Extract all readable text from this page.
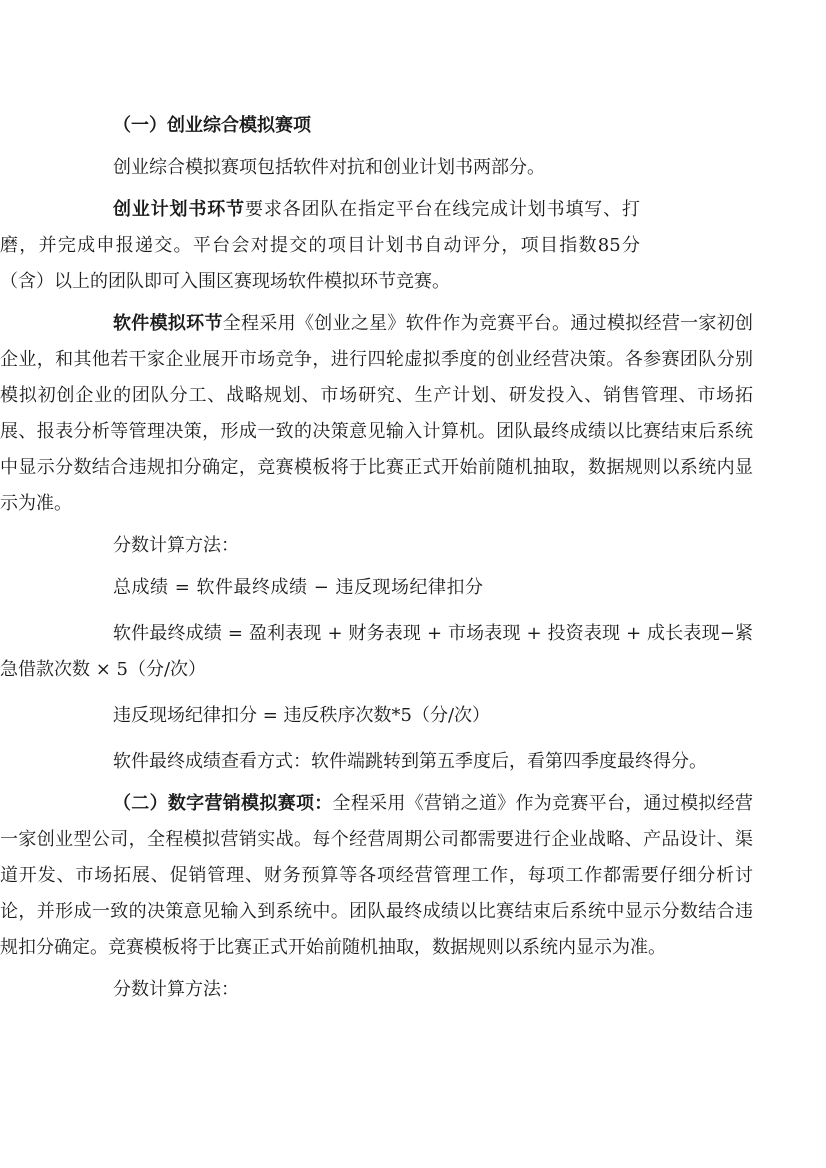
（一）创业综合模拟赛项

创业综合模拟赛项包括软件对抗和创业计划书两部分。

创业计划书环节要求各团队在指定平台在线完成计划书填写、打磨，并完成申报递交。平台会对提交的项目计划书自动评分，项目指数85分（含）以上的团队即可入围区赛现场软件模拟环节竞赛。

软件模拟环节全程采用《创业之星》软件作为竞赛平台。通过模拟经营一家初创企业，和其他若干家企业展开市场竞争，进行四轮虚拟季度的创业经营决策。各参赛团队分别模拟初创企业的团队分工、战略规划、市场研究、生产计划、研发投入、销售管理、市场拓展、报表分析等管理决策，形成一致的决策意见输入计算机。团队最终成绩以比赛结束后系统中显示分数结合违规扣分确定，竞赛模板将于比赛正式开始前随机抽取，数据规则以系统内显示为准。

分数计算方法：

总成绩 = 软件最终成绩 − 违反现场纪律扣分

软件最终成绩 = 盈利表现 + 财务表现 + 市场表现 + 投资表现 + 成长表现−紧急借款次数 × 5（分/次）

违反现场纪律扣分 = 违反秩序次数*5（分/次）

软件最终成绩查看方式：软件端跳转到第五季度后，看第四季度最终得分。

（二）数字营销模拟赛项：全程采用《营销之道》作为竞赛平台，通过模拟经营一家创业型公司，全程模拟营销实战。每个经营周期公司都需要进行企业战略、产品设计、渠道开发、市场拓展、促销管理、财务预算等各项经营管理工作，每项工作都需要仔细分析讨论，并形成一致的决策意见输入到系统中。团队最终成绩以比赛结束后系统中显示分数结合违规扣分确定。竞赛模板将于比赛正式开始前随机抽取，数据规则以系统内显示为准。

分数计算方法：
